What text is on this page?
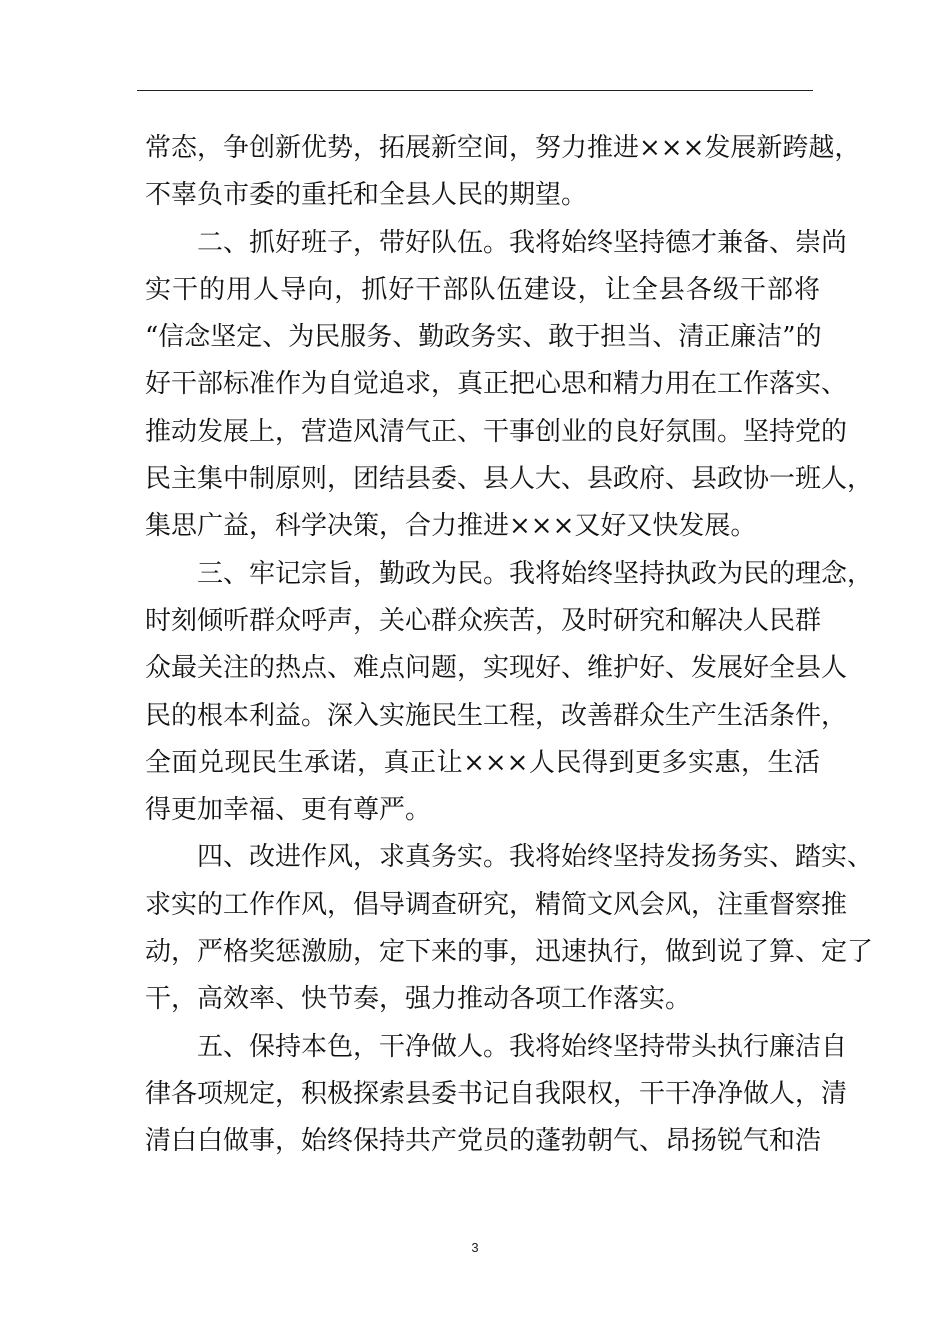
常态，争创新优势，拓展新空间，努力推进×××发展新跨越，
不辜负市委的重托和全县人民的期望。
二、抓好班子，带好队伍。我将始终坚持德才兼备、崇尚
实干的用人导向，抓好干部队伍建设，让全县各级干部将
“信念坚定、为民服务、勤政务实、敢于担当、清正廉洁”的
好干部标准作为自觉追求，真正把心思和精力用在工作落实、
推动发展上，营造风清气正、干事创业的良好氛围。坚持党的
民主集中制原则，团结县委、县人大、县政府、县政协一班人，
集思广益，科学决策，合力推进×××又好又快发展。
三、牢记宗旨，勤政为民。我将始终坚持执政为民的理念，
时刻倾听群众呼声，关心群众疾苦，及时研究和解决人民群
众最关注的热点、难点问题，实现好、维护好、发展好全县人
民的根本利益。深入实施民生工程，改善群众生产生活条件，
全面兑现民生承诺，真正让×××人民得到更多实惠，生活
得更加幸福、更有尊严。
四、改进作风，求真务实。我将始终坚持发扬务实、踏实、
求实的工作作风，倡导调查研究，精简文风会风，注重督察推
动，严格奖惩激励，定下来的事，迅速执行，做到说了算、定了
干，高效率、快节奏，强力推动各项工作落实。
五、保持本色，干净做人。我将始终坚持带头执行廉洁自
律各项规定，积极探索县委书记自我限权，干干净净做人，清
清白白做事，始终保持共产党员的蓬勃朝气、昂扬锐气和浩
3
